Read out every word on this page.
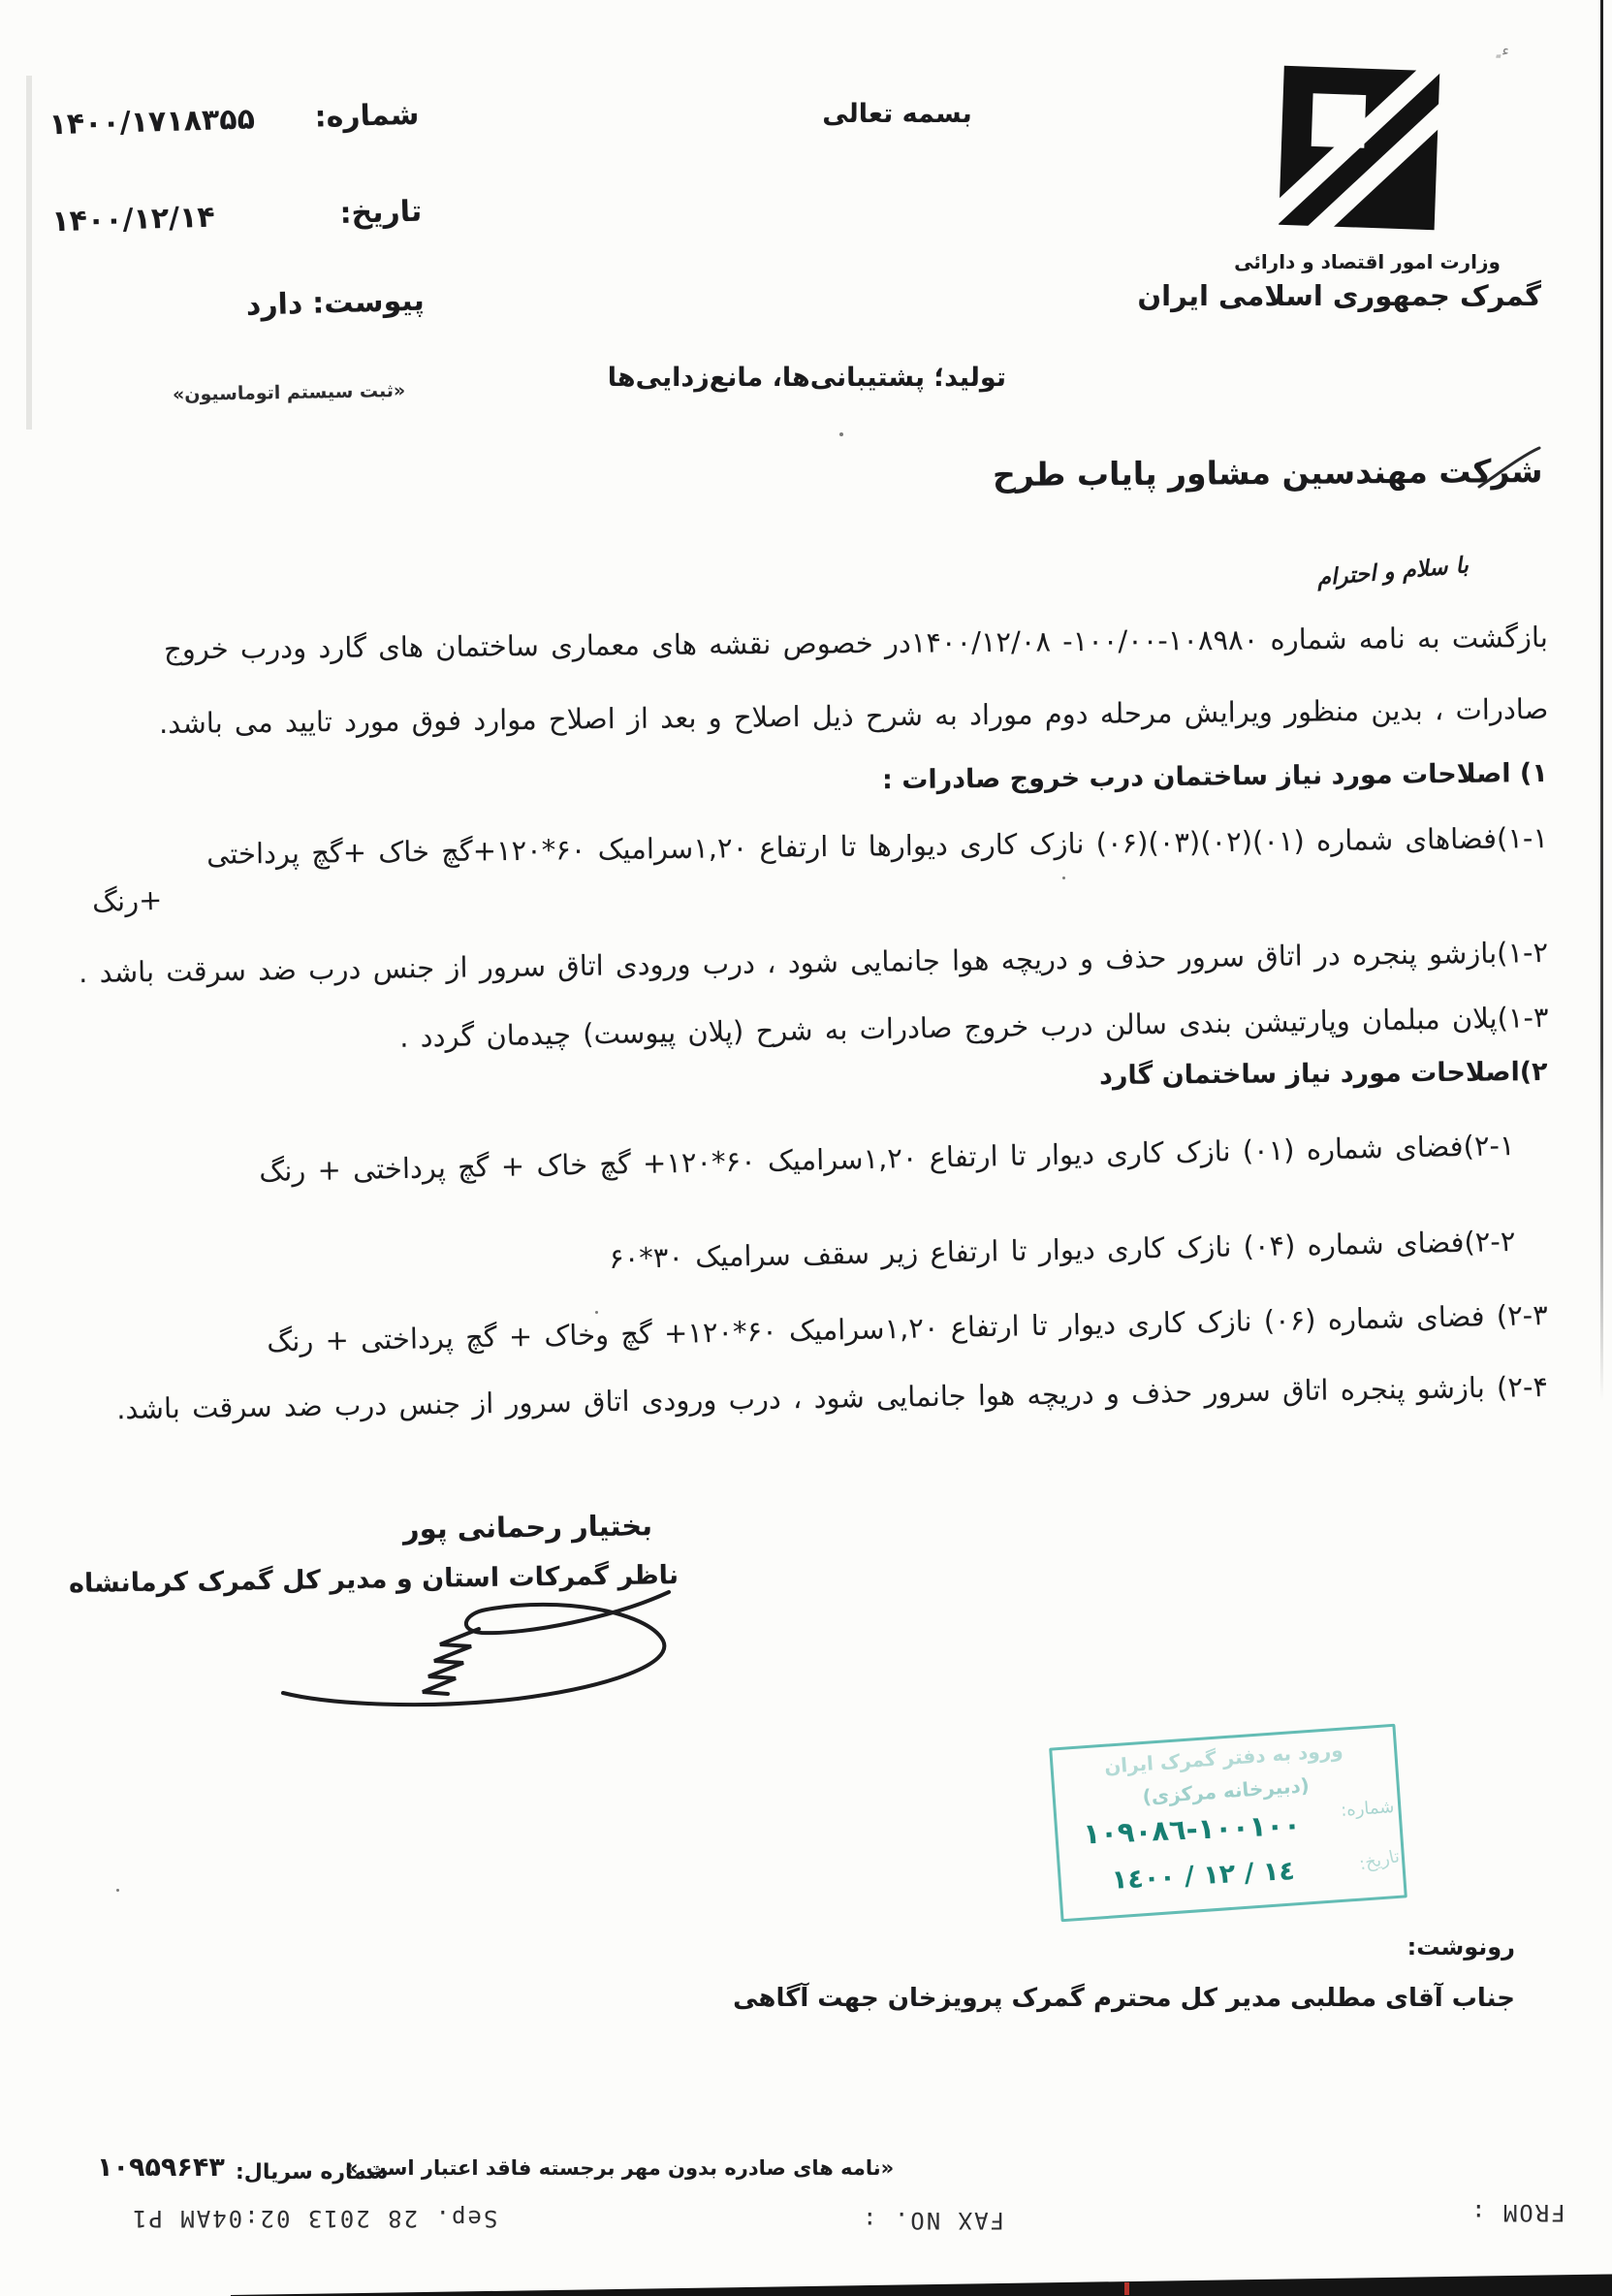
شماره:
۱۴۰۰/۱۷۱۸۳۵۵
تاریخ:
۱۴۰۰/۱۲/۱۴
پیوست:
دارد
«ثبت سیستم اتوماسیون»
بسمه تعالی
وزارت امور اقتصاد و دارائی
گمرک جمهوری اسلامی ایران
تولید؛ پشتیبانی‌ها، مانع‌زدایی‌ها
شرکت مهندسین مشاور پایاب طرح
با سلام و احترام
بازگشت به نامه شماره ۱۰۸۹۸۰-۱۰۰/۰۰- ۱۴۰۰/۱۲/۰۸در خصوص نقشه های معماری ساختمان های گارد ودرب خروج
صادرات ، بدین منظور ویرایش مرحله دوم موراد به شرح ذیل اصلاح و بعد از اصلاح موارد فوق مورد تایید می باشد.
۱) اصلاحات مورد نیاز ساختمان درب خروج صادرات :
۱-۱)فضاهای شماره (۰۱)(۰۲)(۰۳)(۰۶) نازک کاری دیوارها تا ارتفاع ۱,۲۰سرامیک ۶۰*۱۲۰+گچ خاک +گچ پرداختی
+رنگ
۱-۲)بازشو پنجره در اتاق سرور حذف و دریچه هوا جانمایی شود ، درب ورودی اتاق سرور از جنس درب ضد سرقت باشد .
۱-۳)پلان مبلمان وپارتیشن بندی سالن درب خروج صادرات به شرح (پلان پیوست) چیدمان گردد .
۲)اصلاحات مورد نیاز ساختمان گارد
۲-۱)فضای شماره (۰۱) نازک کاری دیوار تا ارتفاع ۱,۲۰سرامیک ۶۰*۱۲۰+ گچ خاک + گچ پرداختی + رنگ
۲-۲)فضای شماره (۰۴) نازک کاری دیوار تا ارتفاع زیر سقف سرامیک ۳۰*۶۰
۲-۳) فضای شماره (۰۶) نازک کاری دیوار تا ارتفاع ۱,۲۰سرامیک ۶۰*۱۲۰+ گچ وخاک + گچ پرداختی + رنگ
۲-۴) بازشو پنجره اتاق سرور حذف و دریچه هوا جانمایی شود ، درب ورودی اتاق سرور از جنس درب ضد سرقت باشد.
بختیار رحمانی پور
ناظر گمرکات استان و مدیر کل گمرک کرمانشاه
ورود به دفتر گمرک ایران
(دبیرخانه مرکزی)
شماره:
تاریخ:
١٠٠١٠٠-١٠٩٠٨٦
١٤ / ١٢ / ١٤٠٠
رونوشت:
جناب آقای مطلبی مدیر کل محترم گمرک پرویزخان جهت آگاهی
«نامه های صادره بدون مهر برجسته فاقد اعتبار است.»
شماره سریال:
۱۰۹۵۹۶۴۳
Sep. 28 2013 02:04AM P1	FAX NO. :	FROM :
ء ٍ
